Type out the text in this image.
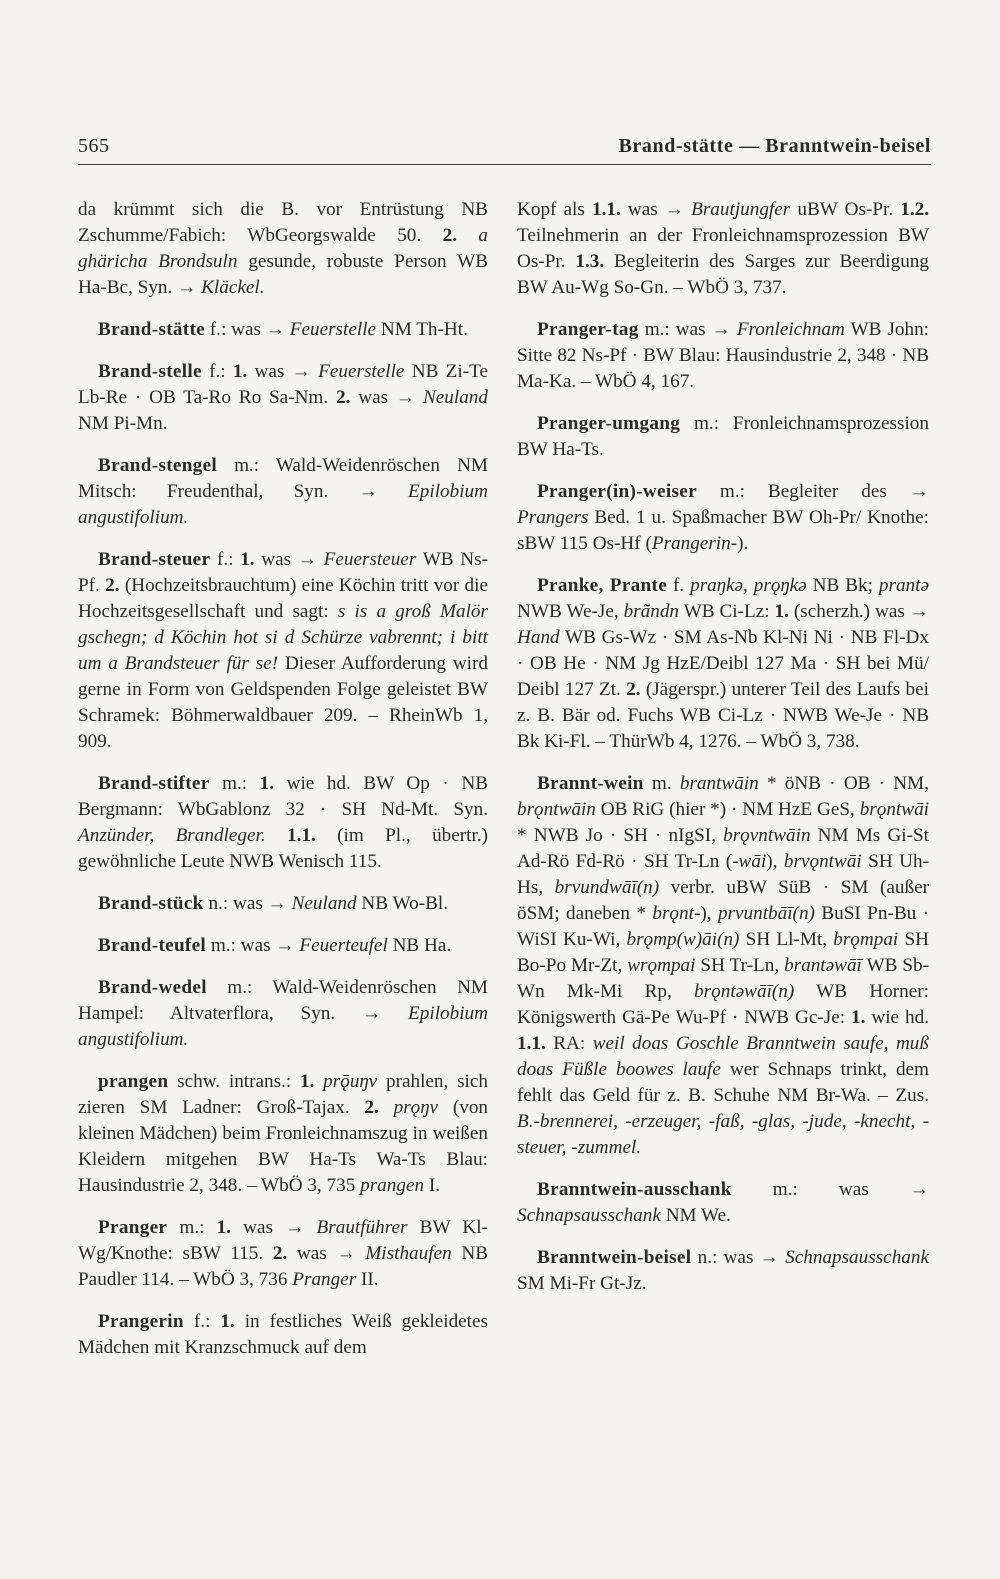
565	Brand-stätte — Branntwein-beisel

da krümmt sich die B. vor Entrüstung NB Zschumme/Fabich: WbGeorgswalde 50. 2. a ghäricha Brondsuln gesunde, robuste Person WB Ha-Bc, Syn. → Kläckel.

Brand-stätte f.: was → Feuerstelle NM Th-Ht.

Brand-stelle f.: 1. was → Feuerstelle NB Zi-Te Lb-Re · OB Ta-Ro Ro Sa-Nm. 2. was → Neuland NM Pi-Mn.

Brand-stengel m.: Wald-Weidenröschen NM Mitsch: Freudenthal, Syn. → Epilobium angustifolium.

Brand-steuer f.: 1. was → Feuersteuer WB Ns-Pf. 2. (Hochzeitsbrauchtum) eine Köchin tritt vor die Hochzeitsgesellschaft und sagt: s is a groß Malör gschegn; d Köchin hot si d Schürze vabrennt; i bitt um a Brandsteuer für se! Dieser Aufforderung wird gerne in Form von Geldspenden Folge geleistet BW Schramek: Böhmerwaldbauer 209. – RheinWb 1, 909.

Brand-stifter m.: 1. wie hd. BW Op · NB Bergmann: WbGablonz 32 · SH Nd-Mt. Syn. Anzünder, Brandleger. 1.1. (im Pl., übertr.) gewöhnliche Leute NWB Wenisch 115.

Brand-stück n.: was → Neuland NB Wo-Bl.

Brand-teufel m.: was → Feuerteufel NB Ha.

Brand-wedel m.: Wald-Weidenröschen NM Hampel: Altvaterflora, Syn. → Epilobium angustifolium.

prangen schw. intrans.: 1. prǭuŋv prahlen, sich zieren SM Ladner: Groß-Tajax. 2. prǫŋv (von kleinen Mädchen) beim Fronleichnamszug in weißen Kleidern mitgehen BW Ha-Ts Wa-Ts Blau: Hausindustrie 2, 348. – WbÖ 3, 735 prangen I.

Pranger m.: 1. was → Brautführer BW Kl-Wg/Knothe: sBW 115. 2. was → Misthaufen NB Paudler 114. – WbÖ 3, 736 Pranger II.

Prangerin f.: 1. in festliches Weiß gekleidetes Mädchen mit Kranzschmuck auf dem

Kopf als 1.1. was → Brautjungfer uBW Os-Pr. 1.2. Teilnehmerin an der Fronleichnamsprozession BW Os-Pr. 1.3. Begleiterin des Sarges zur Beerdigung BW Au-Wg So-Gn. – WbÖ 3, 737.

Pranger-tag m.: was → Fronleichnam WB John: Sitte 82 Ns-Pf · BW Blau: Hausindustrie 2, 348 · NB Ma-Ka. – WbÖ 4, 167.

Pranger-umgang m.: Fronleichnamsprozession BW Ha-Ts.

Pranger(in)-weiser m.: Begleiter des → Prangers Bed. 1 u. Spaßmacher BW Oh-Pr/ Knothe: sBW 115 Os-Hf (Prangerin-).

Pranke, Prante f. praŋkə, prǫŋkə NB Bk; prantə NWB We-Je, brãndn WB Ci-Lz: 1. (scherzh.) was → Hand WB Gs-Wz · SM As-Nb Kl-Ni Ni · NB Fl-Dx · OB He · NM Jg HzE/Deibl 127 Ma · SH bei Mü/ Deibl 127 Zt. 2. (Jägerspr.) unterer Teil des Laufs bei z. B. Bär od. Fuchs WB Ci-Lz · NWB We-Je · NB Bk Ki-Fl. – ThürWb 4, 1276. – WbÖ 3, 738.

Brannt-wein m. brantwāin * öNB · OB · NM, brǫntwāin OB RiG (hier *) · NM HzE GeS, brǫntwāi * NWB Jo · SH · nIgSI, brǫvntwāin NM Ms Gi-St Ad-Rö Fd-Rö · SH Tr-Ln (-wāi), brvǫntwāi SH Uh-Hs, brvundwāī(n) verbr. uBW SüB · SM (außer öSM; daneben * brǫnt-), prvuntbāī(n) BuSI Pn-Bu · WiSI Ku-Wi, brǫmp(w)āi(n) SH Ll-Mt, brǫmpai SH Bo-Po Mr-Zt, wrǫmpai SH Tr-Ln, brantəwāī WB Sb-Wn Mk-Mi Rp, brǫntəwāī(n) WB Horner: Königswerth Gä-Pe Wu-Pf · NWB Gc-Je: 1. wie hd. 1.1. RA: weil doas Goschle Branntwein saufe, muß doas Füßle boowes laufe wer Schnaps trinkt, dem fehlt das Geld für z. B. Schuhe NM Br-Wa. – Zus. B.-brennerei, -erzeuger, -faß, -glas, -jude, -knecht, -steuer, -zummel.

Branntwein-ausschank m.: was → Schnapsausschank NM We.

Branntwein-beisel n.: was → Schnapsausschank SM Mi-Fr Gt-Jz.
